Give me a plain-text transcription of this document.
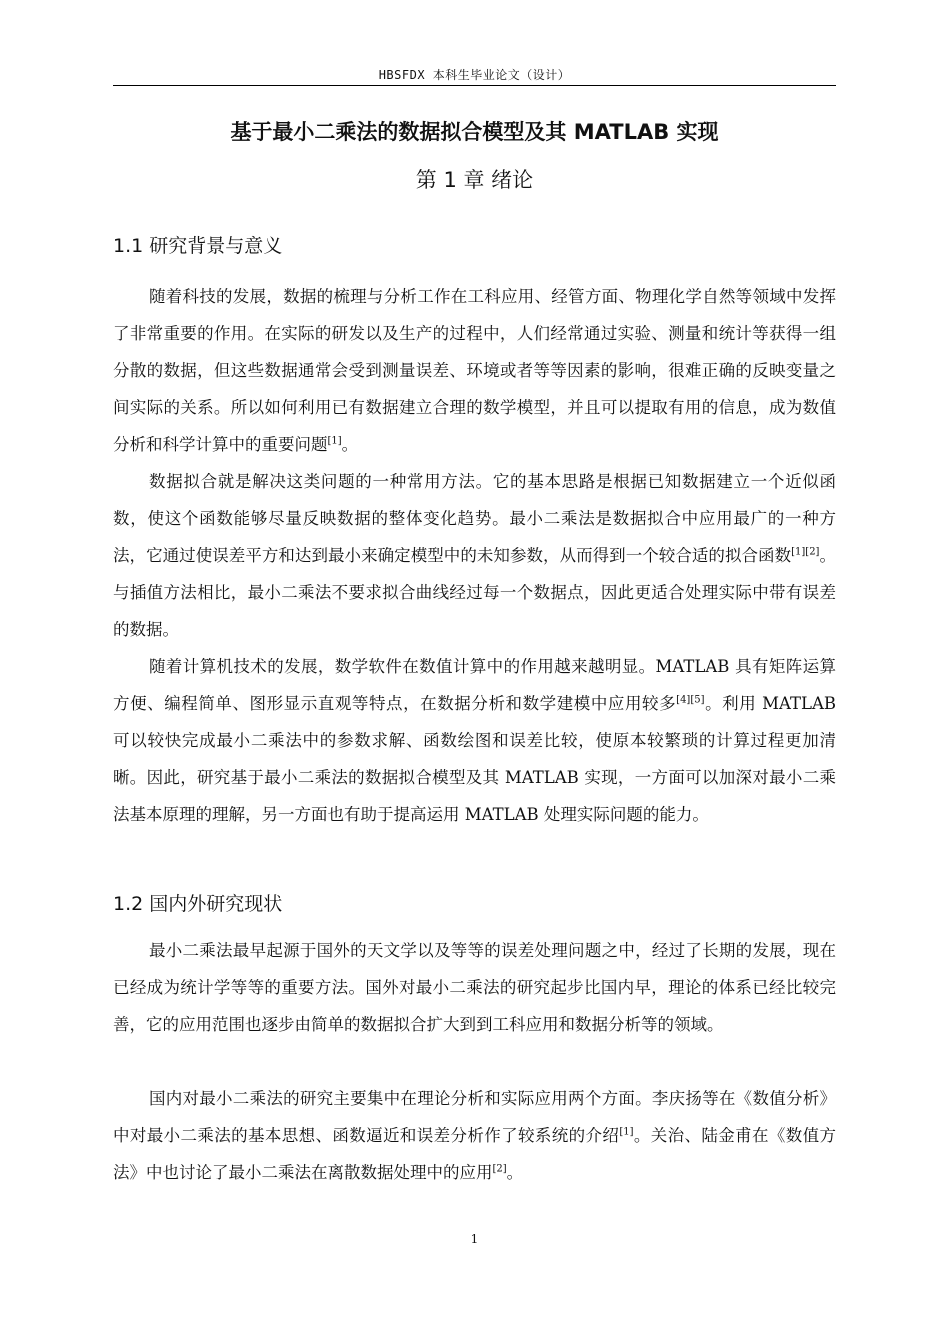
HBSFDX 本科生毕业论文（设计）
基于最小二乘法的数据拟合模型及其 MATLAB 实现
第 1 章 绪论
1.1 研究背景与意义

随着科技的发展，数据的梳理与分析工作在工科应用、经管方面、物理化学自然等领域中发挥了非常重要的作用。在实际的研发以及生产的过程中，人们经常通过实验、测量和统计等获得一组分散的数据，但这些数据通常会受到测量误差、环境或者等等因素的影响，很难正确的反映变量之间实际的关系。所以如何利用已有数据建立合理的数学模型，并且可以提取有用的信息，成为数值分析和科学计算中的重要问题[1]。

数据拟合就是解决这类问题的一种常用方法。它的基本思路是根据已知数据建立一个近似函数，使这个函数能够尽量反映数据的整体变化趋势。最小二乘法是数据拟合中应用最广的一种方法，它通过使误差平方和达到最小来确定模型中的未知参数，从而得到一个较合适的拟合函数[1][2]。与插值方法相比，最小二乘法不要求拟合曲线经过每一个数据点，因此更适合处理实际中带有误差的数据。

随着计算机技术的发展，数学软件在数值计算中的作用越来越明显。MATLAB 具有矩阵运算方便、编程简单、图形显示直观等特点，在数据分析和数学建模中应用较多[4][5]。利用 MATLAB 可以较快完成最小二乘法中的参数求解、函数绘图和误差比较，使原本较繁琐的计算过程更加清晰。因此，研究基于最小二乘法的数据拟合模型及其 MATLAB 实现，一方面可以加深对最小二乘法基本原理的理解，另一方面也有助于提高运用 MATLAB 处理实际问题的能力。

1.2 国内外研究现状

最小二乘法最早起源于国外的天文学以及等等的误差处理问题之中，经过了长期的发展，现在已经成为统计学等等的重要方法。国外对最小二乘法的研究起步比国内早，理论的体系已经比较完善，它的应用范围也逐步由简单的数据拟合扩大到到工科应用和数据分析等的领域。

国内对最小二乘法的研究主要集中在理论分析和实际应用两个方面。李庆扬等在《数值分析》中对最小二乘法的基本思想、函数逼近和误差分析作了较系统的介绍[1]。关治、陆金甫在《数值方法》中也讨论了最小二乘法在离散数据处理中的应用[2]。

1
